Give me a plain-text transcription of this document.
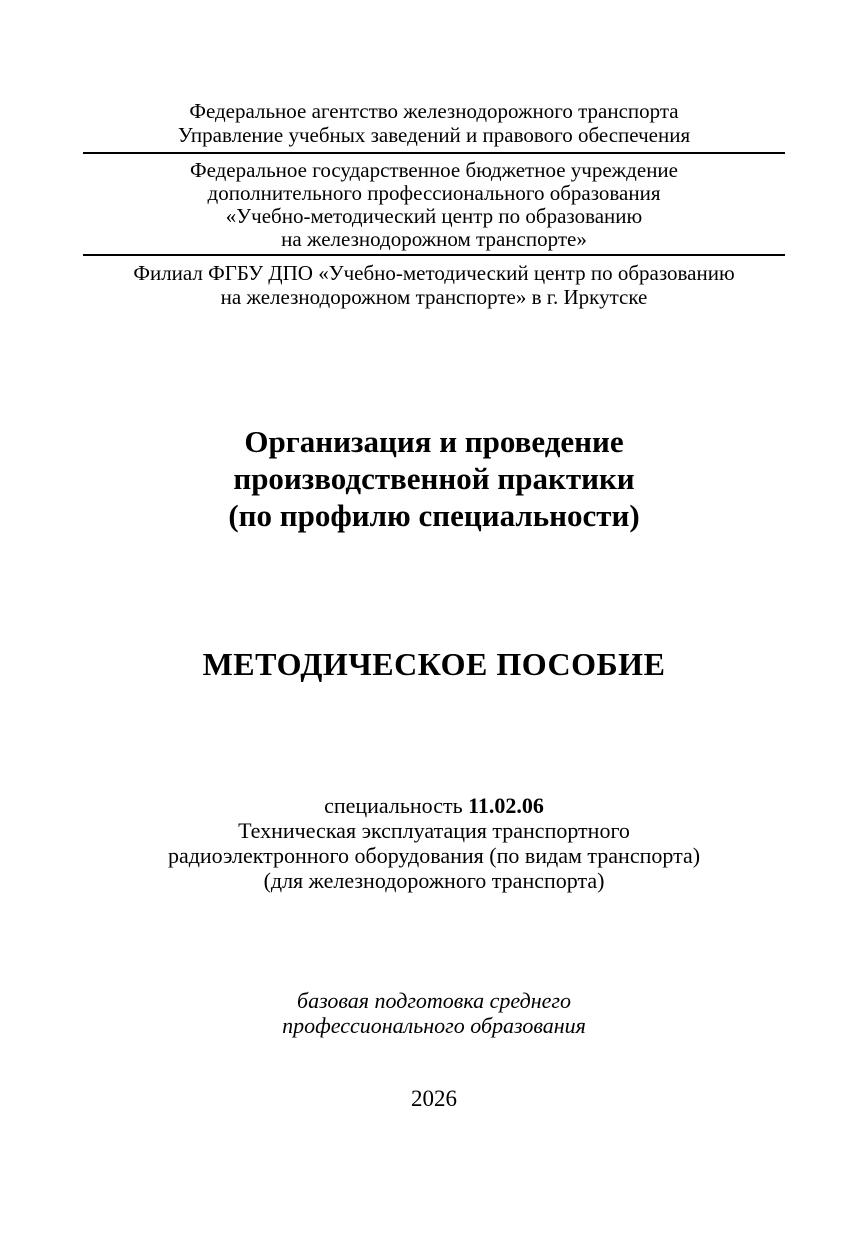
Федеральное агентство железнодорожного транспорта
Управление учебных заведений и правового обеспечения
Федеральное государственное бюджетное учреждение
дополнительного профессионального образования
«Учебно-методический центр по образованию
на железнодорожном транспорте»
Филиал ФГБУ ДПО «Учебно-методический центр по образованию
на железнодорожном транспорте» в г. Иркутске
Организация и проведение
производственной практики
(по профилю специальности)
МЕТОДИЧЕСКОЕ ПОСОБИЕ
специальность 11.02.06
Техническая эксплуатация транспортного
радиоэлектронного оборудования (по видам транспорта)
(для железнодорожного транспорта)
базовая подготовка среднего
профессионального образования
2026
